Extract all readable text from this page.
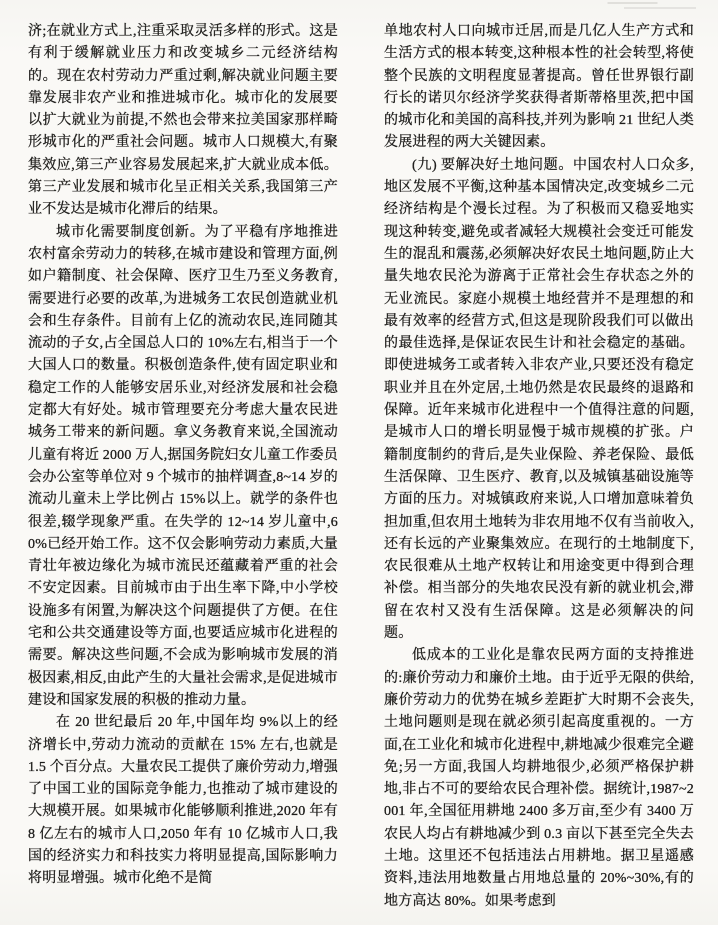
济;在就业方式上,注重采取灵活多样的形式。这是有利于缓解就业压力和改变城乡二元经济结构的。现在农村劳动力严重过剩,解决就业问题主要靠发展非农产业和推进城市化。城市化的发展要以扩大就业为前提,不然也会带来拉美国家那样畸形城市化的严重社会问题。城市人口规模大,有聚集效应,第三产业容易发展起来,扩大就业成本低。第三产业发展和城市化呈正相关关系,我国第三产业不发达是城市化滞后的结果。

城市化需要制度创新。为了平稳有序地推进农村富余劳动力的转移,在城市建设和管理方面,例如户籍制度、社会保障、医疗卫生乃至义务教育,需要进行必要的改革,为进城务工农民创造就业机会和生存条件。目前有上亿的流动农民,连同随其流动的子女,占全国总人口的 10%左右,相当于一个大国人口的数量。积极创造条件,使有固定职业和稳定工作的人能够安居乐业,对经济发展和社会稳定都大有好处。城市管理要充分考虑大量农民进城务工带来的新问题。拿义务教育来说,全国流动儿童有将近 2000 万人,据国务院妇女儿童工作委员会办公室等单位对 9 个城市的抽样调查,8~14 岁的流动儿童未上学比例占 15%以上。就学的条件也很差,辍学现象严重。在失学的 12~14 岁儿童中,60%已经开始工作。这不仅会影响劳动力素质,大量青壮年被边缘化为城市流民还蕴藏着严重的社会不安定因素。目前城市由于出生率下降,中小学校设施多有闲置,为解决这个问题提供了方便。在住宅和公共交通建设等方面,也要适应城市化进程的需要。解决这些问题,不会成为影响城市发展的消极因素,相反,由此产生的大量社会需求,是促进城市建设和国家发展的积极的推动力量。

在 20 世纪最后 20 年,中国年均 9%以上的经济增长中,劳动力流动的贡献在 15% 左右,也就是 1.5 个百分点。大量农民工提供了廉价劳动力,增强了中国工业的国际竞争能力,也推动了城市建设的大规模开展。如果城市化能够顺利推进,2020 年有 8 亿左右的城市人口,2050 年有 10 亿城市人口,我国的经济实力和科技实力将明显提高,国际影响力将明显增强。城市化绝不是简

单地农村人口向城市迁居,而是几亿人生产方式和生活方式的根本转变,这种根本性的社会转型,将使整个民族的文明程度显著提高。曾任世界银行副行长的诺贝尔经济学奖获得者斯蒂格里茨,把中国的城市化和美国的高科技,并列为影响 21 世纪人类发展进程的两大关键因素。

(九) 要解决好土地问题。中国农村人口众多,地区发展不平衡,这种基本国情决定,改变城乡二元经济结构是个漫长过程。为了积极而又稳妥地实现这种转变,避免或者减轻大规模社会变迁可能发生的混乱和震荡,必须解决好农民土地问题,防止大量失地农民沦为游离于正常社会生存状态之外的无业流民。家庭小规模土地经营并不是理想的和最有效率的经营方式,但这是现阶段我们可以做出的最佳选择,是保证农民生计和社会稳定的基础。即使进城务工或者转入非农产业,只要还没有稳定职业并且在外定居,土地仍然是农民最终的退路和保障。近年来城市化进程中一个值得注意的问题,是城市人口的增长明显慢于城市规模的扩张。户籍制度制约的背后,是失业保险、养老保险、最低生活保障、卫生医疗、教育,以及城镇基础设施等方面的压力。对城镇政府来说,人口增加意味着负担加重,但农用土地转为非农用地不仅有当前收入,还有长远的产业聚集效应。在现行的土地制度下,农民很难从土地产权转让和用途变更中得到合理补偿。相当部分的失地农民没有新的就业机会,滞留在农村又没有生活保障。这是必须解决的问题。

低成本的工业化是靠农民两方面的支持推进的:廉价劳动力和廉价土地。由于近乎无限的供给,廉价劳动力的优势在城乡差距扩大时期不会丧失,土地问题则是现在就必须引起高度重视的。一方面,在工业化和城市化进程中,耕地减少很难完全避免;另一方面,我国人均耕地很少,必须严格保护耕地,非占不可的要给农民合理补偿。据统计,1987~2001 年,全国征用耕地 2400 多万亩,至少有 3400 万农民人均占有耕地减少到 0.3 亩以下甚至完全失去土地。这里还不包括违法占用耕地。据卫星遥感资料,违法用地数量占用地总量的 20%~30%,有的地方高达 80%。如果考虑到
